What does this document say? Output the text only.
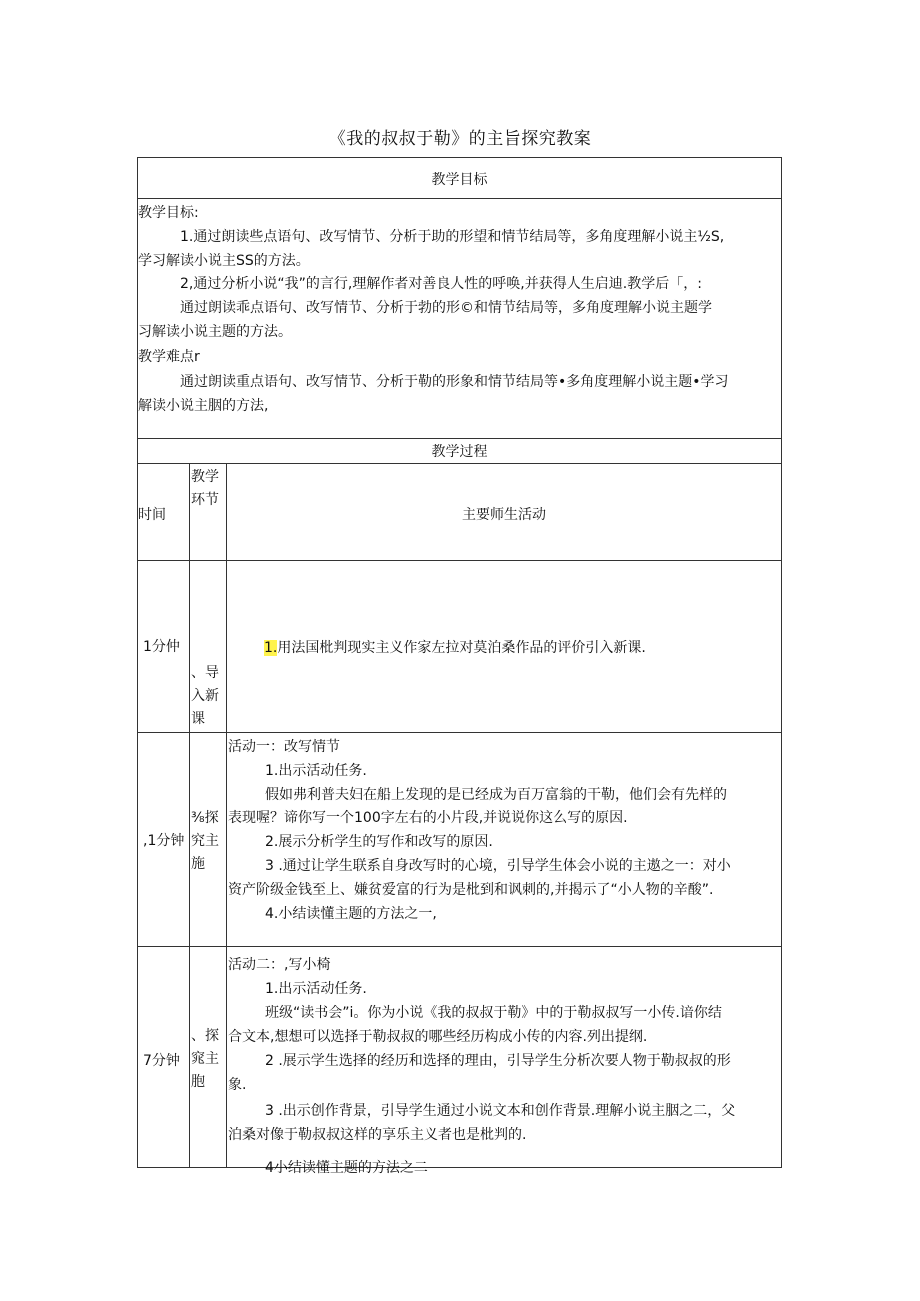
《我的叔叔于勒》的主旨探究教案
教学目标
教学目标:
1.通过朗读些点语句、改写情节、分析于助的形望和情节结局等，多角度理解小说主½S,
学习解读小说主SS的方法。
2,通过分析小说“我”的言行,理解作者对善良人性的呼唤,并获得人生启迪.教学后「，:
通过朗读乖点语句、改写情节、分析于勃的形©和情节结局等，多角度理解小说主题学
习解读小说主题的方法。
教学难点r
通过朗读重点语句、改写情节、分析于勒的形象和情节结局等•多角度理解小说主题•学习
解读小说主胭的方法,
教学过程
时间
教学环节
主要师生活动
1分仲
、导入新课
1.用法国枇判现实主义作家左拉对莫泊桑作品的评价引入新课.
,1分钟
⅜探究主施
活动一：改写情节
1.出示活动任务.
假如弗利普夫妇在船上发现的是已经成为百万富翁的干勒，他们会有先样的
表现喔？谛你写一个100字左右的小片段,并说说你这么写的原因.
2.展示分析学生的写作和改写的原因.
3 .通过让学生联系自身改写时的心境，引导学生体会小说的主遨之一：对小
资产阶级金钱至上、嫌贫爱富的行为是枇到和讽刺的,并揭示了“小人物的辛酸”.
4.小结读懂主题的方法之一,
7分钟
、探窕主胞
活动二：,写小椅
1.出示活动任务.
班级“读书会”i。你为小说《我的叔叔于勒》中的于勒叔叔写一小传.谙你结
合文本,想想可以选择于勒叔叔的哪些经历构成小传的内容.列出提纲.
2 .展示学生选择的经历和选择的理由，引导学生分析次要人物于勒叔叔的形
象.
3 .出示创作背景，引导学生通过小说文本和创作背景.理解小说主胭之二，父
泊桑对像于勒叔叔这样的享乐主义者也是枇判的.
4小结读懂主题的方法之二
